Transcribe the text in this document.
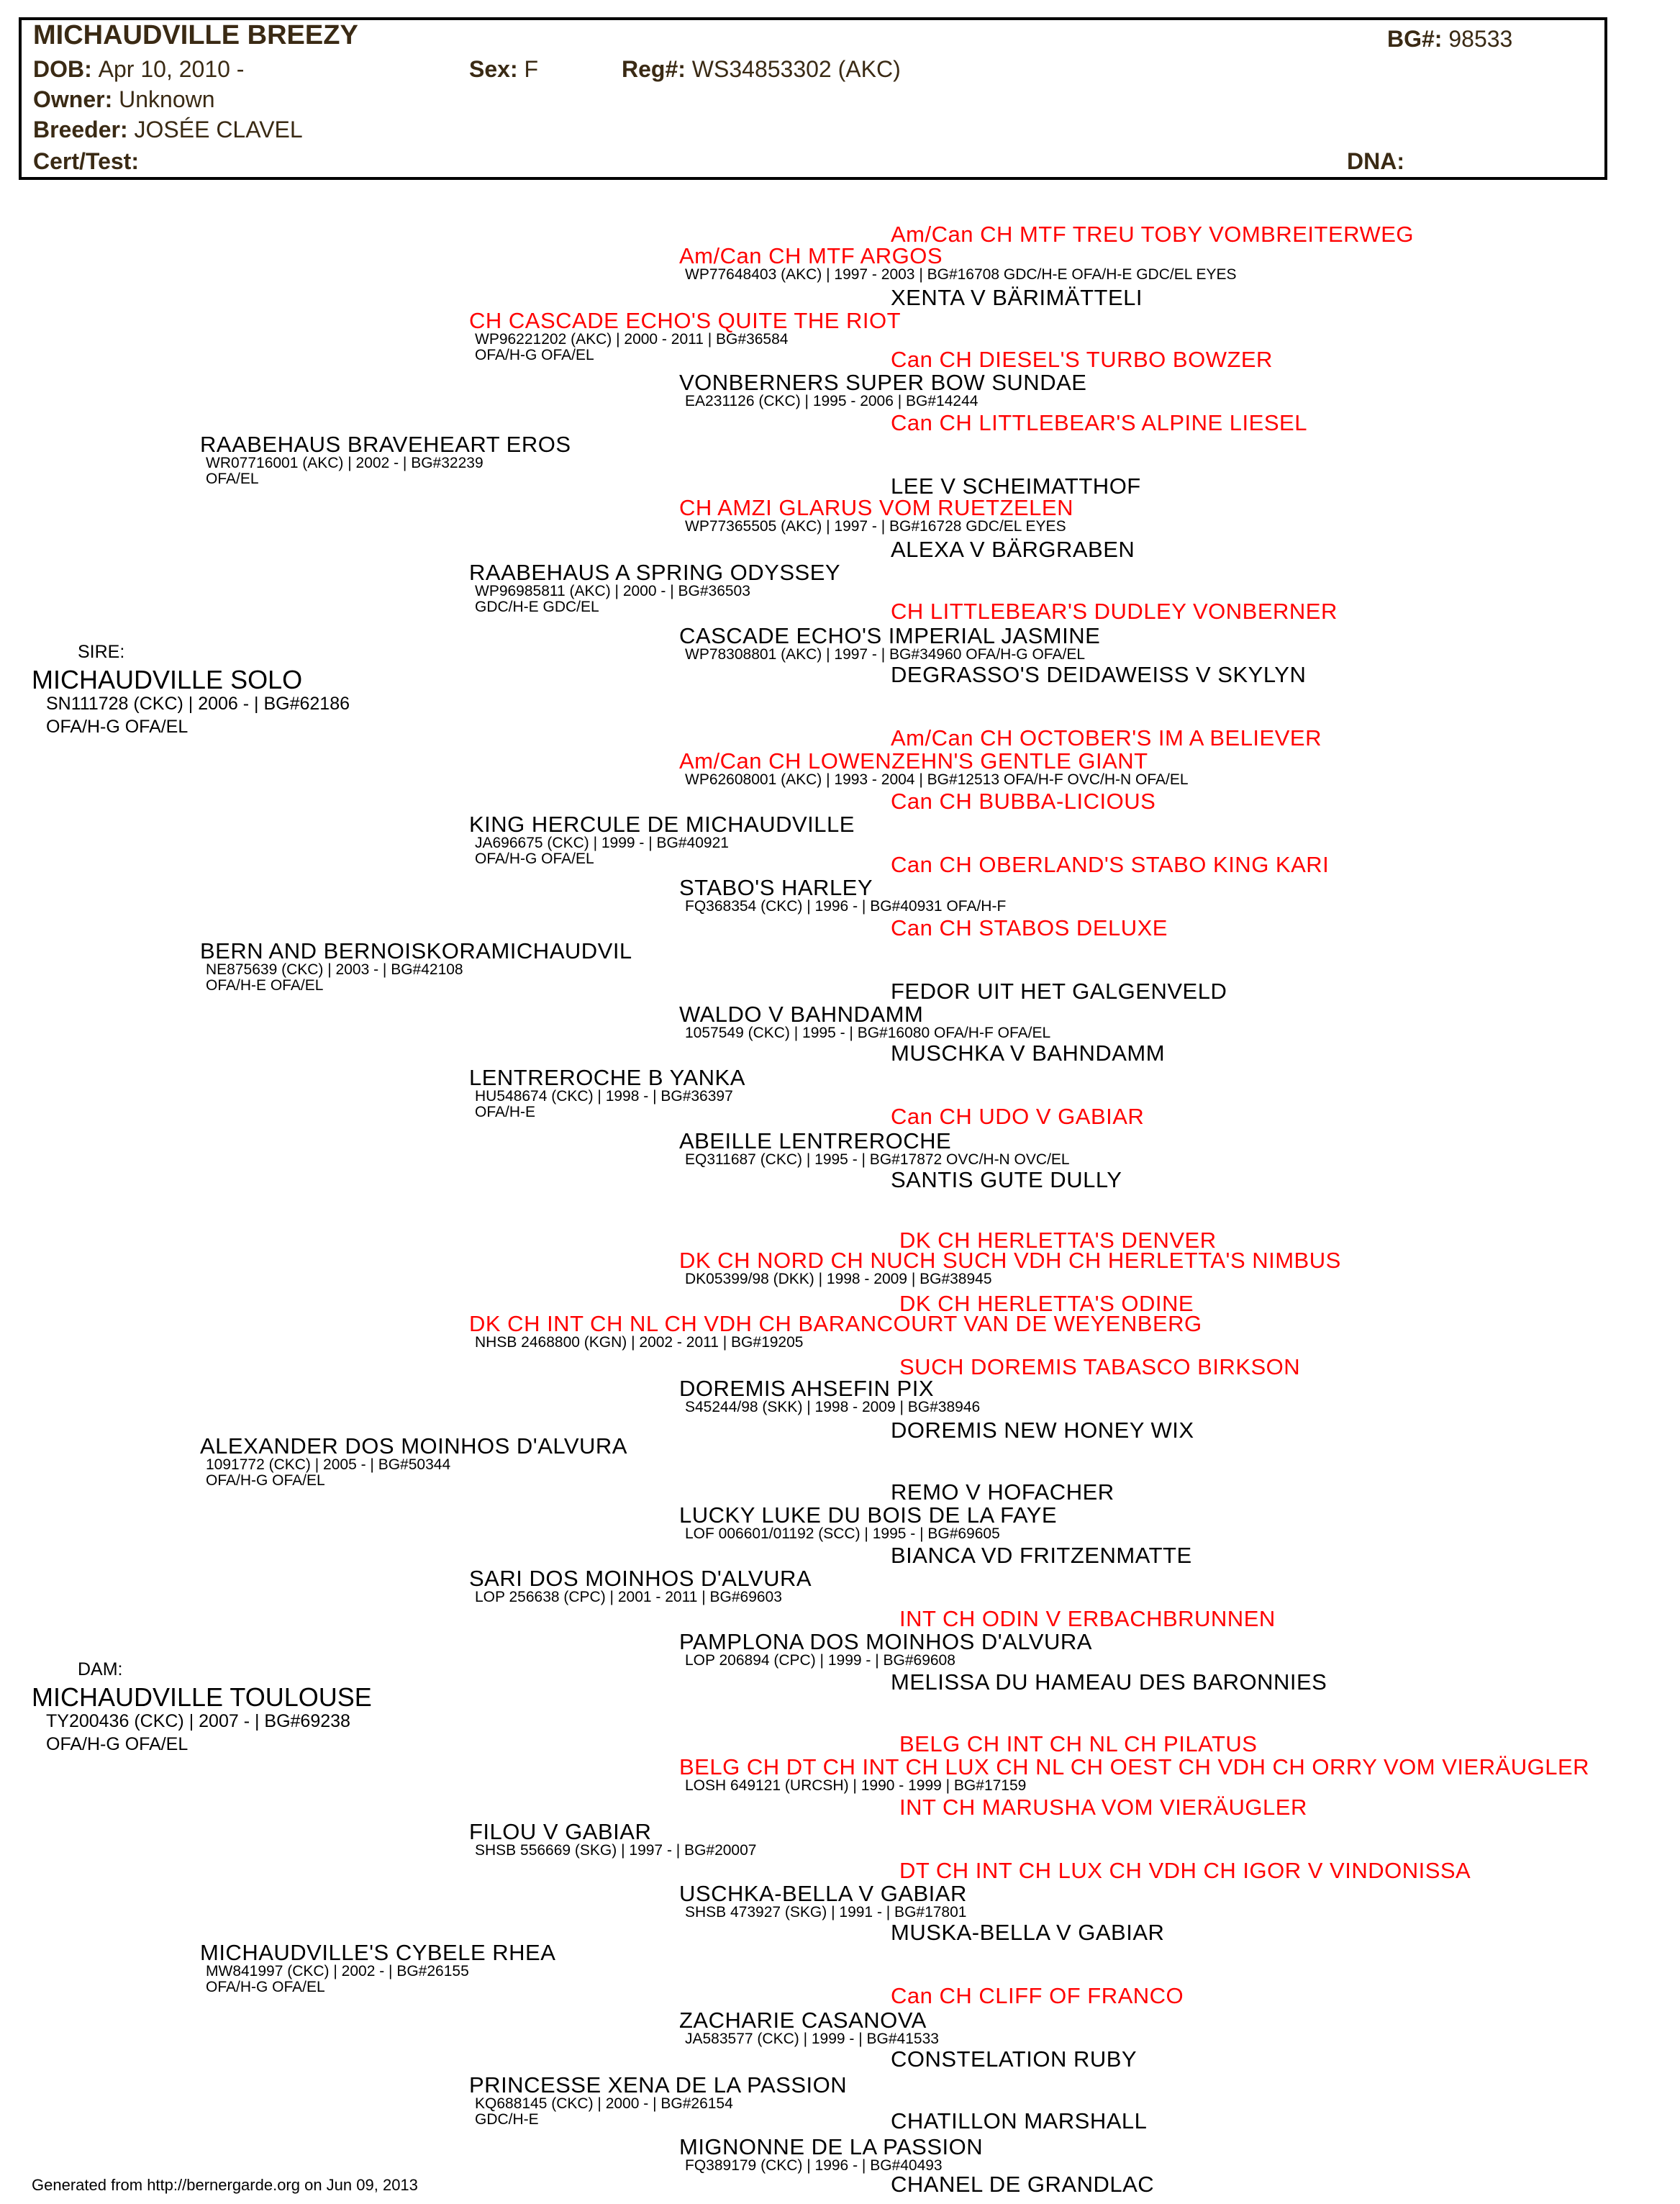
MICHAUDVILLE BREEZY	BG#: 98533
DOB: Apr 10, 2010 -	Sex: F	Reg#: WS34853302 (AKC)
Owner: Unknown
Breeder: JOSÉE CLAVEL
Cert/Test:	DNA:
SIRE:
MICHAUDVILLE SOLO
SN111728 (CKC) | 2006 - | BG#62186
OFA/H-G OFA/EL
DAM:
MICHAUDVILLE TOULOUSE
TY200436 (CKC) | 2007 - | BG#69238
OFA/H-G OFA/EL
RAABEHAUS BRAVEHEART EROS
WR07716001 (AKC) | 2002 - | BG#32239
OFA/EL
BERN AND BERNOISKORAMICHAUDVIL
NE875639 (CKC) | 2003 - | BG#42108
OFA/H-E OFA/EL
ALEXANDER DOS MOINHOS D'ALVURA
1091772 (CKC) | 2005 - | BG#50344
OFA/H-G OFA/EL
MICHAUDVILLE'S CYBELE RHEA
MW841997 (CKC) | 2002 - | BG#26155
OFA/H-G OFA/EL
CH CASCADE ECHO'S QUITE THE RIOT
WP96221202 (AKC) | 2000 - 2011 | BG#36584
OFA/H-G OFA/EL
RAABEHAUS A SPRING ODYSSEY
WP96985811 (AKC) | 2000 - | BG#36503
GDC/H-E GDC/EL
KING HERCULE DE MICHAUDVILLE
JA696675 (CKC) | 1999 - | BG#40921
OFA/H-G OFA/EL
LENTREROCHE B YANKA
HU548674 (CKC) | 1998 - | BG#36397
OFA/H-E
DK CH INT CH NL CH VDH CH BARANCOURT VAN DE WEYENBERG
NHSB 2468800 (KGN) | 2002 - 2011 | BG#19205
SARI DOS MOINHOS D'ALVURA
LOP 256638 (CPC) | 2001 - 2011 | BG#69603
FILOU V GABIAR
SHSB 556669 (SKG) | 1997 - | BG#20007
PRINCESSE XENA DE LA PASSION
KQ688145 (CKC) | 2000 - | BG#26154
GDC/H-E
Am/Can CH MTF ARGOS
WP77648403 (AKC) | 1997 - 2003 | BG#16708 GDC/H-E OFA/H-E GDC/EL EYES
VONBERNERS SUPER BOW SUNDAE
EA231126 (CKC) | 1995 - 2006 | BG#14244
CH AMZI GLARUS VOM RUETZELEN
WP77365505 (AKC) | 1997 - | BG#16728 GDC/EL EYES
CASCADE ECHO'S IMPERIAL JASMINE
WP78308801 (AKC) | 1997 - | BG#34960 OFA/H-G OFA/EL
Am/Can CH LOWENZEHN'S GENTLE GIANT
WP62608001 (AKC) | 1993 - 2004 | BG#12513 OFA/H-F OVC/H-N OFA/EL
STABO'S HARLEY
FQ368354 (CKC) | 1996 - | BG#40931 OFA/H-F
WALDO V BAHNDAMM
1057549 (CKC) | 1995 - | BG#16080 OFA/H-F OFA/EL
ABEILLE LENTREROCHE
EQ311687 (CKC) | 1995 - | BG#17872 OVC/H-N OVC/EL
DK CH NORD CH NUCH SUCH VDH CH HERLETTA'S NIMBUS
DK05399/98 (DKK) | 1998 - 2009 | BG#38945
DOREMIS AHSEFIN PIX
S45244/98 (SKK) | 1998 - 2009 | BG#38946
LUCKY LUKE DU BOIS DE LA FAYE
LOF 006601/01192 (SCC) | 1995 - | BG#69605
PAMPLONA DOS MOINHOS D'ALVURA
LOP 206894 (CPC) | 1999 - | BG#69608
BELG CH DT CH INT CH LUX CH NL CH OEST CH VDH CH ORRY VOM VIERÄUGLER
LOSH 649121 (URCSH) | 1990 - 1999 | BG#17159
USCHKA-BELLA V GABIAR
SHSB 473927 (SKG) | 1991 - | BG#17801
ZACHARIE CASANOVA
JA583577 (CKC) | 1999 - | BG#41533
MIGNONNE DE LA PASSION
FQ389179 (CKC) | 1996 - | BG#40493
Am/Can CH MTF TREU TOBY VOMBREITERWEG
XENTA V BÄRIMÄTTELI
Can CH DIESEL'S TURBO BOWZER
Can CH LITTLEBEAR'S ALPINE LIESEL
LEE V SCHEIMATTHOF
ALEXA V BÄRGRABEN
CH LITTLEBEAR'S DUDLEY VONBERNER
DEGRASSO'S DEIDAWEISS V SKYLYN
Am/Can CH OCTOBER'S IM A BELIEVER
Can CH BUBBA-LICIOUS
Can CH OBERLAND'S STABO KING KARI
Can CH STABOS DELUXE
FEDOR UIT HET GALGENVELD
MUSCHKA V BAHNDAMM
Can CH UDO V GABIAR
SANTIS GUTE DULLY
DK CH HERLETTA'S DENVER
DK CH HERLETTA'S ODINE
SUCH DOREMIS TABASCO BIRKSON
DOREMIS NEW HONEY WIX
REMO V HOFACHER
BIANCA VD FRITZENMATTE
INT CH ODIN V ERBACHBRUNNEN
MELISSA DU HAMEAU DES BARONNIES
BELG CH INT CH NL CH PILATUS
INT CH MARUSHA VOM VIERÄUGLER
DT CH INT CH LUX CH VDH CH IGOR V VINDONISSA
MUSKA-BELLA V GABIAR
Can CH CLIFF OF FRANCO
CONSTELATION RUBY
CHATILLON MARSHALL
CHANEL DE GRANDLAC
Generated from http://bernergarde.org on Jun 09, 2013
